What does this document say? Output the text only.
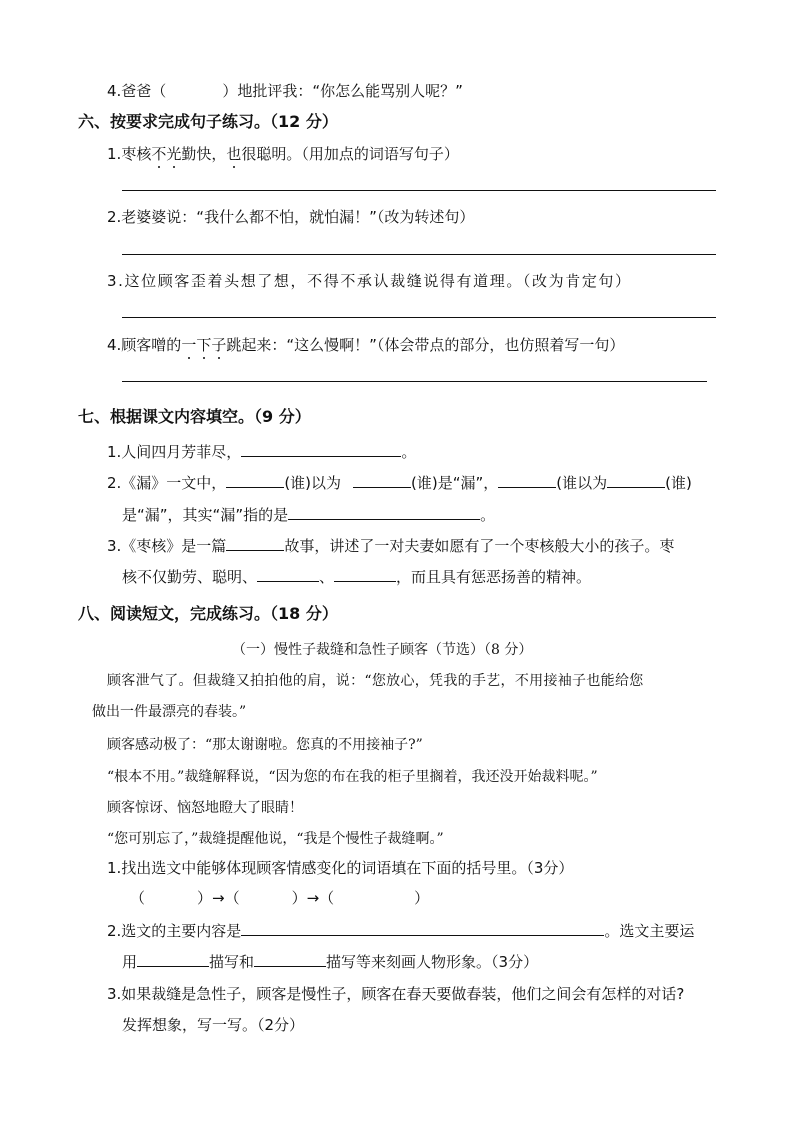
4.爸爸（	）地批评我：“你怎么能骂别人呢？”
六、按要求完成句子练习。（12 分）
1.枣核不光勤快，也很聪明。（用加点的词语写句子）
2.老婆婆说：“我什么都不怕，就怕漏！”（改为转述句）
3.这位顾客歪着头想了想，不得不承认裁缝说得有道理。（改为肯定句）
4.顾客噌的一下子跳起来：“这么慢啊！”（体会带点的部分，也仿照着写一句）
七、根据课文内容填空。（9 分）
1.人间四月芳菲尽，	。
2.《漏》一文中，	(谁)以为	(谁)是“漏”，	(谁以为	(谁)
是“漏”，其实“漏”指的是	。
3.《枣核》是一篇	故事，讲述了一对夫妻如愿有了一个枣核般大小的孩子。枣
核不仅勤劳、聪明、	、	，而且具有惩恶扬善的精神。
八、阅读短文，完成练习。（18 分）
（一）慢性子裁缝和急性子顾客（节选）（8 分）
顾客泄气了。但裁缝又拍拍他的肩，说：“您放心，凭我的手艺，不用接袖子也能给您
做出一件最漂亮的春装。”
顾客感动极了：“那太谢谢啦。您真的不用接袖子?”
“根本不用。”裁缝解释说，“因为您的布在我的柜子里搁着，我还没开始裁料呢。”
顾客惊讶、恼怒地瞪大了眼睛！
“您可别忘了，”裁缝提醒他说，“我是个慢性子裁缝啊。”
1.找出选文中能够体现顾客情感变化的词语填在下面的括号里。（3分）
（	）→（	）→（	）
2.选文的主要内容是	。选文主要运
用	描写和	描写等来刻画人物形象。（3分）
3.如果裁缝是急性子，顾客是慢性子，顾客在春天要做春装，他们之间会有怎样的对话?
发挥想象，写一写。（2分）
